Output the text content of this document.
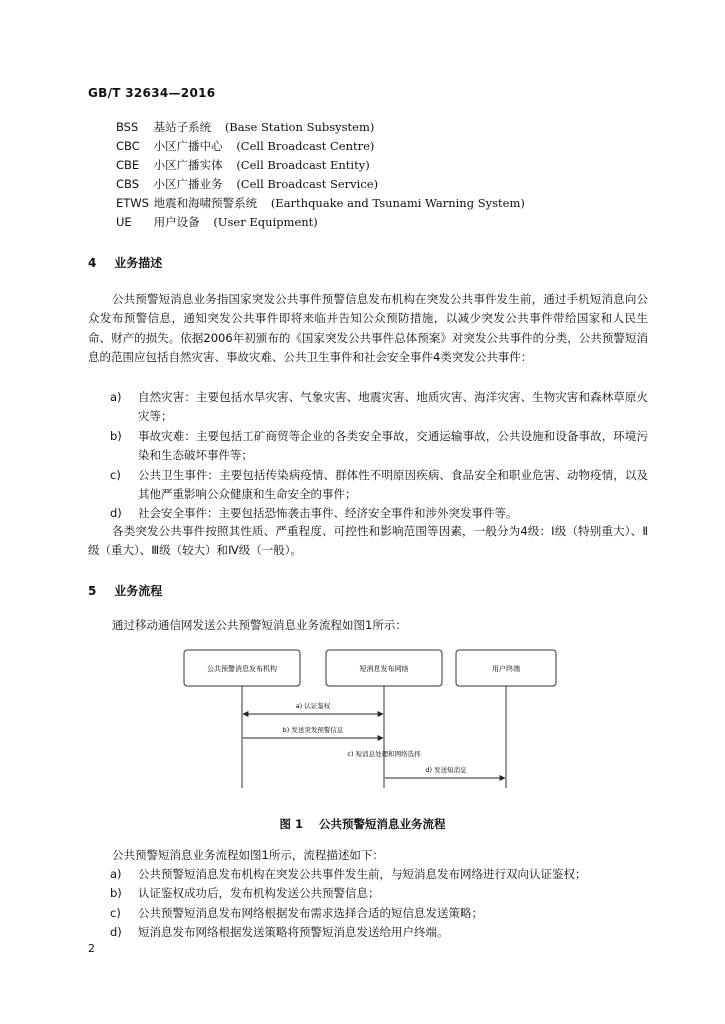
GB/T 32634—2016
BSS 基站子系统 (Base Station Subsystem)
CBC 小区广播中心 (Cell Broadcast Centre)
CBE 小区广播实体 (Cell Broadcast Entity)
CBS 小区广播业务 (Cell Broadcast Service)
ETWS 地震和海啸预警系统 (Earthquake and Tsunami Warning System)
UE 用户设备 (User Equipment)
4 业务描述
公共预警短消息业务指国家突发公共事件预警信息发布机构在突发公共事件发生前，通过手机短消息向公众发布预警信息，通知突发公共事件即将来临并告知公众预防措施，以减少突发公共事件带给国家和人民生命、财产的损失。依据2006年初颁布的《国家突发公共事件总体预案》对突发公共事件的分类，公共预警短消息的范围应包括自然灾害、事故灾难、公共卫生事件和社会安全事件4类突发公共事件：
a)	自然灾害：主要包括水旱灾害、气象灾害、地震灾害、地质灾害、海洋灾害、生物灾害和森林草原火灾等；
b)	事故灾难：主要包括工矿商贸等企业的各类安全事故，交通运输事故，公共设施和设备事故，环境污染和生态破坏事件等；
c)	公共卫生事件：主要包括传染病疫情、群体性不明原因疾病、食品安全和职业危害、动物疫情，以及其他严重影响公众健康和生命安全的事件；
d)	社会安全事件：主要包括恐怖袭击事件、经济安全事件和涉外突发事件等。
各类突发公共事件按照其性质、严重程度、可控性和影响范围等因素，一般分为4级：Ⅰ级（特别重大）、Ⅱ级（重大）、Ⅲ级（较大）和Ⅳ级（一般）。
5 业务流程
通过移动通信网发送公共预警短消息业务流程如图1所示：
公共预警消息发布机构	短消息发布网络	用户终端
a) 认证鉴权
b) 发送突发预警信息
c) 短消息处理和网络选择
d) 发送短消息
图 1 公共预警短消息业务流程
公共预警短消息业务流程如图1所示，流程描述如下：
a)	公共预警短消息发布机构在突发公共事件发生前，与短消息发布网络进行双向认证鉴权；
b)	认证鉴权成功后，发布机构发送公共预警信息；
c)	公共预警短消息发布网络根据发布需求选择合适的短信息发送策略；
d)	短消息发布网络根据发送策略将预警短消息发送给用户终端。
2
